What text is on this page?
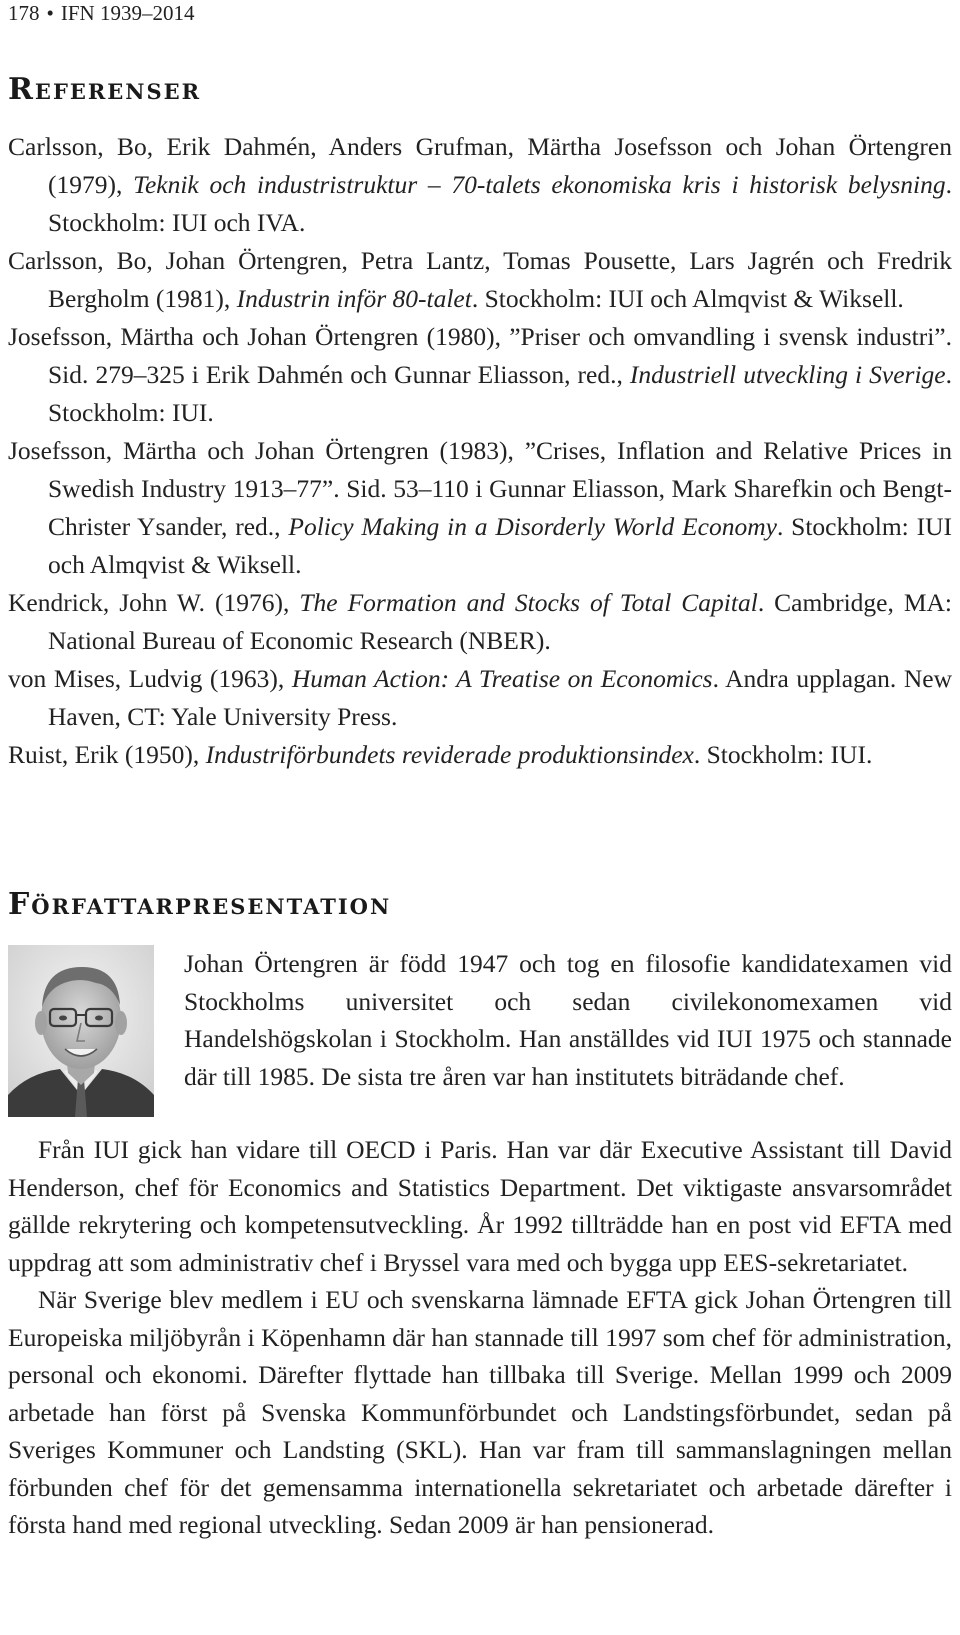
178 • IFN 1939–2014
Referenser

Carlsson, Bo, Erik Dahmén, Anders Grufman, Märtha Josefsson och Johan Örtengren (1979), Teknik och industristruktur – 70-talets ekonomiska kris i historisk belysning. Stockholm: IUI och IVA.

Carlsson, Bo, Johan Örtengren, Petra Lantz, Tomas Pousette, Lars Jagrén och Fredrik Bergholm (1981), Industrin inför 80-talet. Stockholm: IUI och Almqvist & Wiksell.

Josefsson, Märtha och Johan Örtengren (1980), ”Priser och omvandling i svensk industri”. Sid. 279–325 i Erik Dahmén och Gunnar Eliasson, red., Industriell utveckling i Sverige. Stockholm: IUI.

Josefsson, Märtha och Johan Örtengren (1983), ”Crises, Inflation and Relative Prices in Swedish Industry 1913–77”. Sid. 53–110 i Gunnar Eliasson, Mark Sharefkin och Bengt-Christer Ysander, red., Policy Making in a Disorderly World Economy. Stockholm: IUI och Almqvist & Wiksell.

Kendrick, John W. (1976), The Formation and Stocks of Total Capital. Cambridge, MA: National Bureau of Economic Research (NBER).

von Mises, Ludvig (1963), Human Action: A Treatise on Economics. Andra upplagan. New Haven, CT: Yale University Press.

Ruist, Erik (1950), Industriförbundets reviderade produktionsindex. Stockholm: IUI.

Författarpresentation

Johan Örtengren är född 1947 och tog en filosofie kandidatexamen vid Stockholms universitet och sedan civilekonomexamen vid Handelshögskolan i Stockholm. Han anställdes vid IUI 1975 och stannade där till 1985. De sista tre åren var han institutets biträdande chef.

Från IUI gick han vidare till OECD i Paris. Han var där Executive Assistant till David Henderson, chef för Economics and Statistics Department. Det viktigaste ansvarsområdet gällde rekrytering och kompetensutveckling. År 1992 tillträdde han en post vid EFTA med uppdrag att som administrativ chef i Bryssel vara med och bygga upp EES-sekretariatet.

När Sverige blev medlem i EU och svenskarna lämnade EFTA gick Johan Örtengren till Europeiska miljöbyrån i Köpenhamn där han stannade till 1997 som chef för administration, personal och ekonomi. Därefter flyttade han tillbaka till Sverige. Mellan 1999 och 2009 arbetade han först på Svenska Kommunförbundet och Landstingsförbundet, sedan på Sveriges Kommuner och Landsting (SKL). Han var fram till sammanslagningen mellan förbunden chef för det gemensamma internationella sekretariatet och arbetade därefter i första hand med regional utveckling. Sedan 2009 är han pensionerad.
